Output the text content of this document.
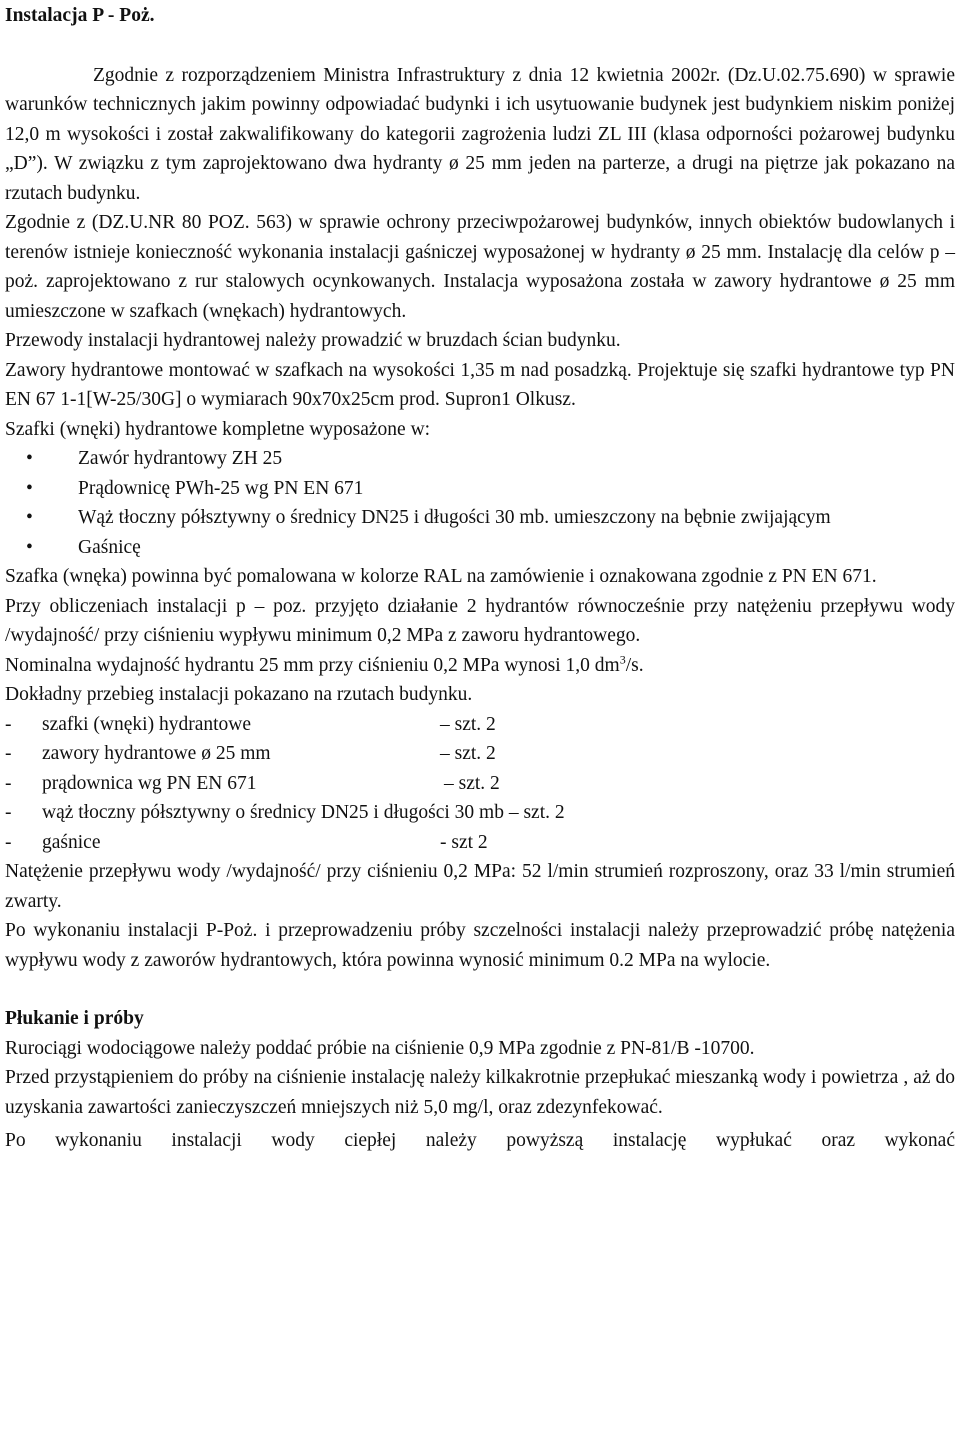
Instalacja P - Poż.

Zgodnie z rozporządzeniem Ministra Infrastruktury z dnia 12 kwietnia 2002r. (Dz.U.02.75.690) w sprawie warunków technicznych jakim powinny odpowiadać budynki i ich usytuowanie budynek jest budynkiem niskim poniżej 12,0 m wysokości i został zakwalifikowany do kategorii zagrożenia ludzi ZL III (klasa odporności pożarowej budynku „D”). W związku z tym zaprojektowano dwa hydranty ø 25 mm jeden na parterze, a drugi na piętrze jak pokazano na rzutach budynku.

Zgodnie z (DZ.U.NR 80 POZ. 563) w sprawie ochrony przeciwpożarowej budynków, innych obiektów budowlanych i terenów istnieje konieczność wykonania instalacji gaśniczej wyposażonej w hydranty ø 25 mm. Instalację dla celów p – poż. zaprojektowano z rur stalowych ocynkowanych. Instalacja wyposażona została w zawory hydrantowe ø 25 mm umieszczone w szafkach (wnękach) hydrantowych.

Przewody instalacji hydrantowej należy prowadzić w bruzdach ścian budynku.

Zawory hydrantowe montować w szafkach na wysokości 1,35 m nad posadzką. Projektuje się szafki hydrantowe typ PN EN 67 1-1[W-25/30G] o wymiarach 90x70x25cm prod. Supron1 Olkusz.

Szafki (wnęki) hydrantowe kompletne wyposażone w:

• Zawór hydrantowy ZH 25
• Prądownicę PWh-25 wg PN EN 671
• Wąż tłoczny półsztywny o średnicy DN25 i długości 30 mb. umieszczony na bębnie zwijającym
• Gaśnicę

Szafka (wnęka) powinna być pomalowana w kolorze RAL na zamówienie i oznakowana zgodnie z PN EN 671.

Przy obliczeniach instalacji p – poz. przyjęto działanie 2 hydrantów równocześnie przy natężeniu przepływu wody /wydajność/ przy ciśnieniu wypływu minimum 0,2 MPa z zaworu hydrantowego.

Nominalna wydajność hydrantu 25 mm przy ciśnieniu 0,2 MPa wynosi 1,0 $dm^3/s$.

Dokładny przebieg instalacji pokazano na rzutach budynku.

-	szafki (wnęki) hydrantowe	– szt. 2
-	zawory hydrantowe ø 25 mm	– szt. 2
-	prądownica wg PN EN 671	– szt. 2
-	wąż tłoczny półsztywny o średnicy DN25 i długości 30 mb – szt. 2
-	gaśnice	- szt 2

Natężenie przepływu wody /wydajność/ przy ciśnieniu 0,2 MPa: 52 l/min strumień rozproszony, oraz 33 l/min strumień zwarty.

Po wykonaniu instalacji P-Poż. i przeprowadzeniu próby szczelności instalacji należy przeprowadzić próbę natężenia wypływu wody z zaworów hydrantowych, która powinna wynosić minimum 0.2 MPa na wylocie.

Płukanie i próby

Rurociągi wodociągowe należy poddać próbie na ciśnienie 0,9 MPa zgodnie z PN-81/B -10700.

Przed przystąpieniem do próby na ciśnienie instalację należy kilkakrotnie przepłukać mieszanką wody i powietrza , aż do uzyskania zawartości zanieczyszczeń mniejszych niż 5,0 mg/l, oraz zdezynfekować.

Po wykonaniu instalacji wody ciepłej należy powyższą instalację wypłukać oraz wykonać
